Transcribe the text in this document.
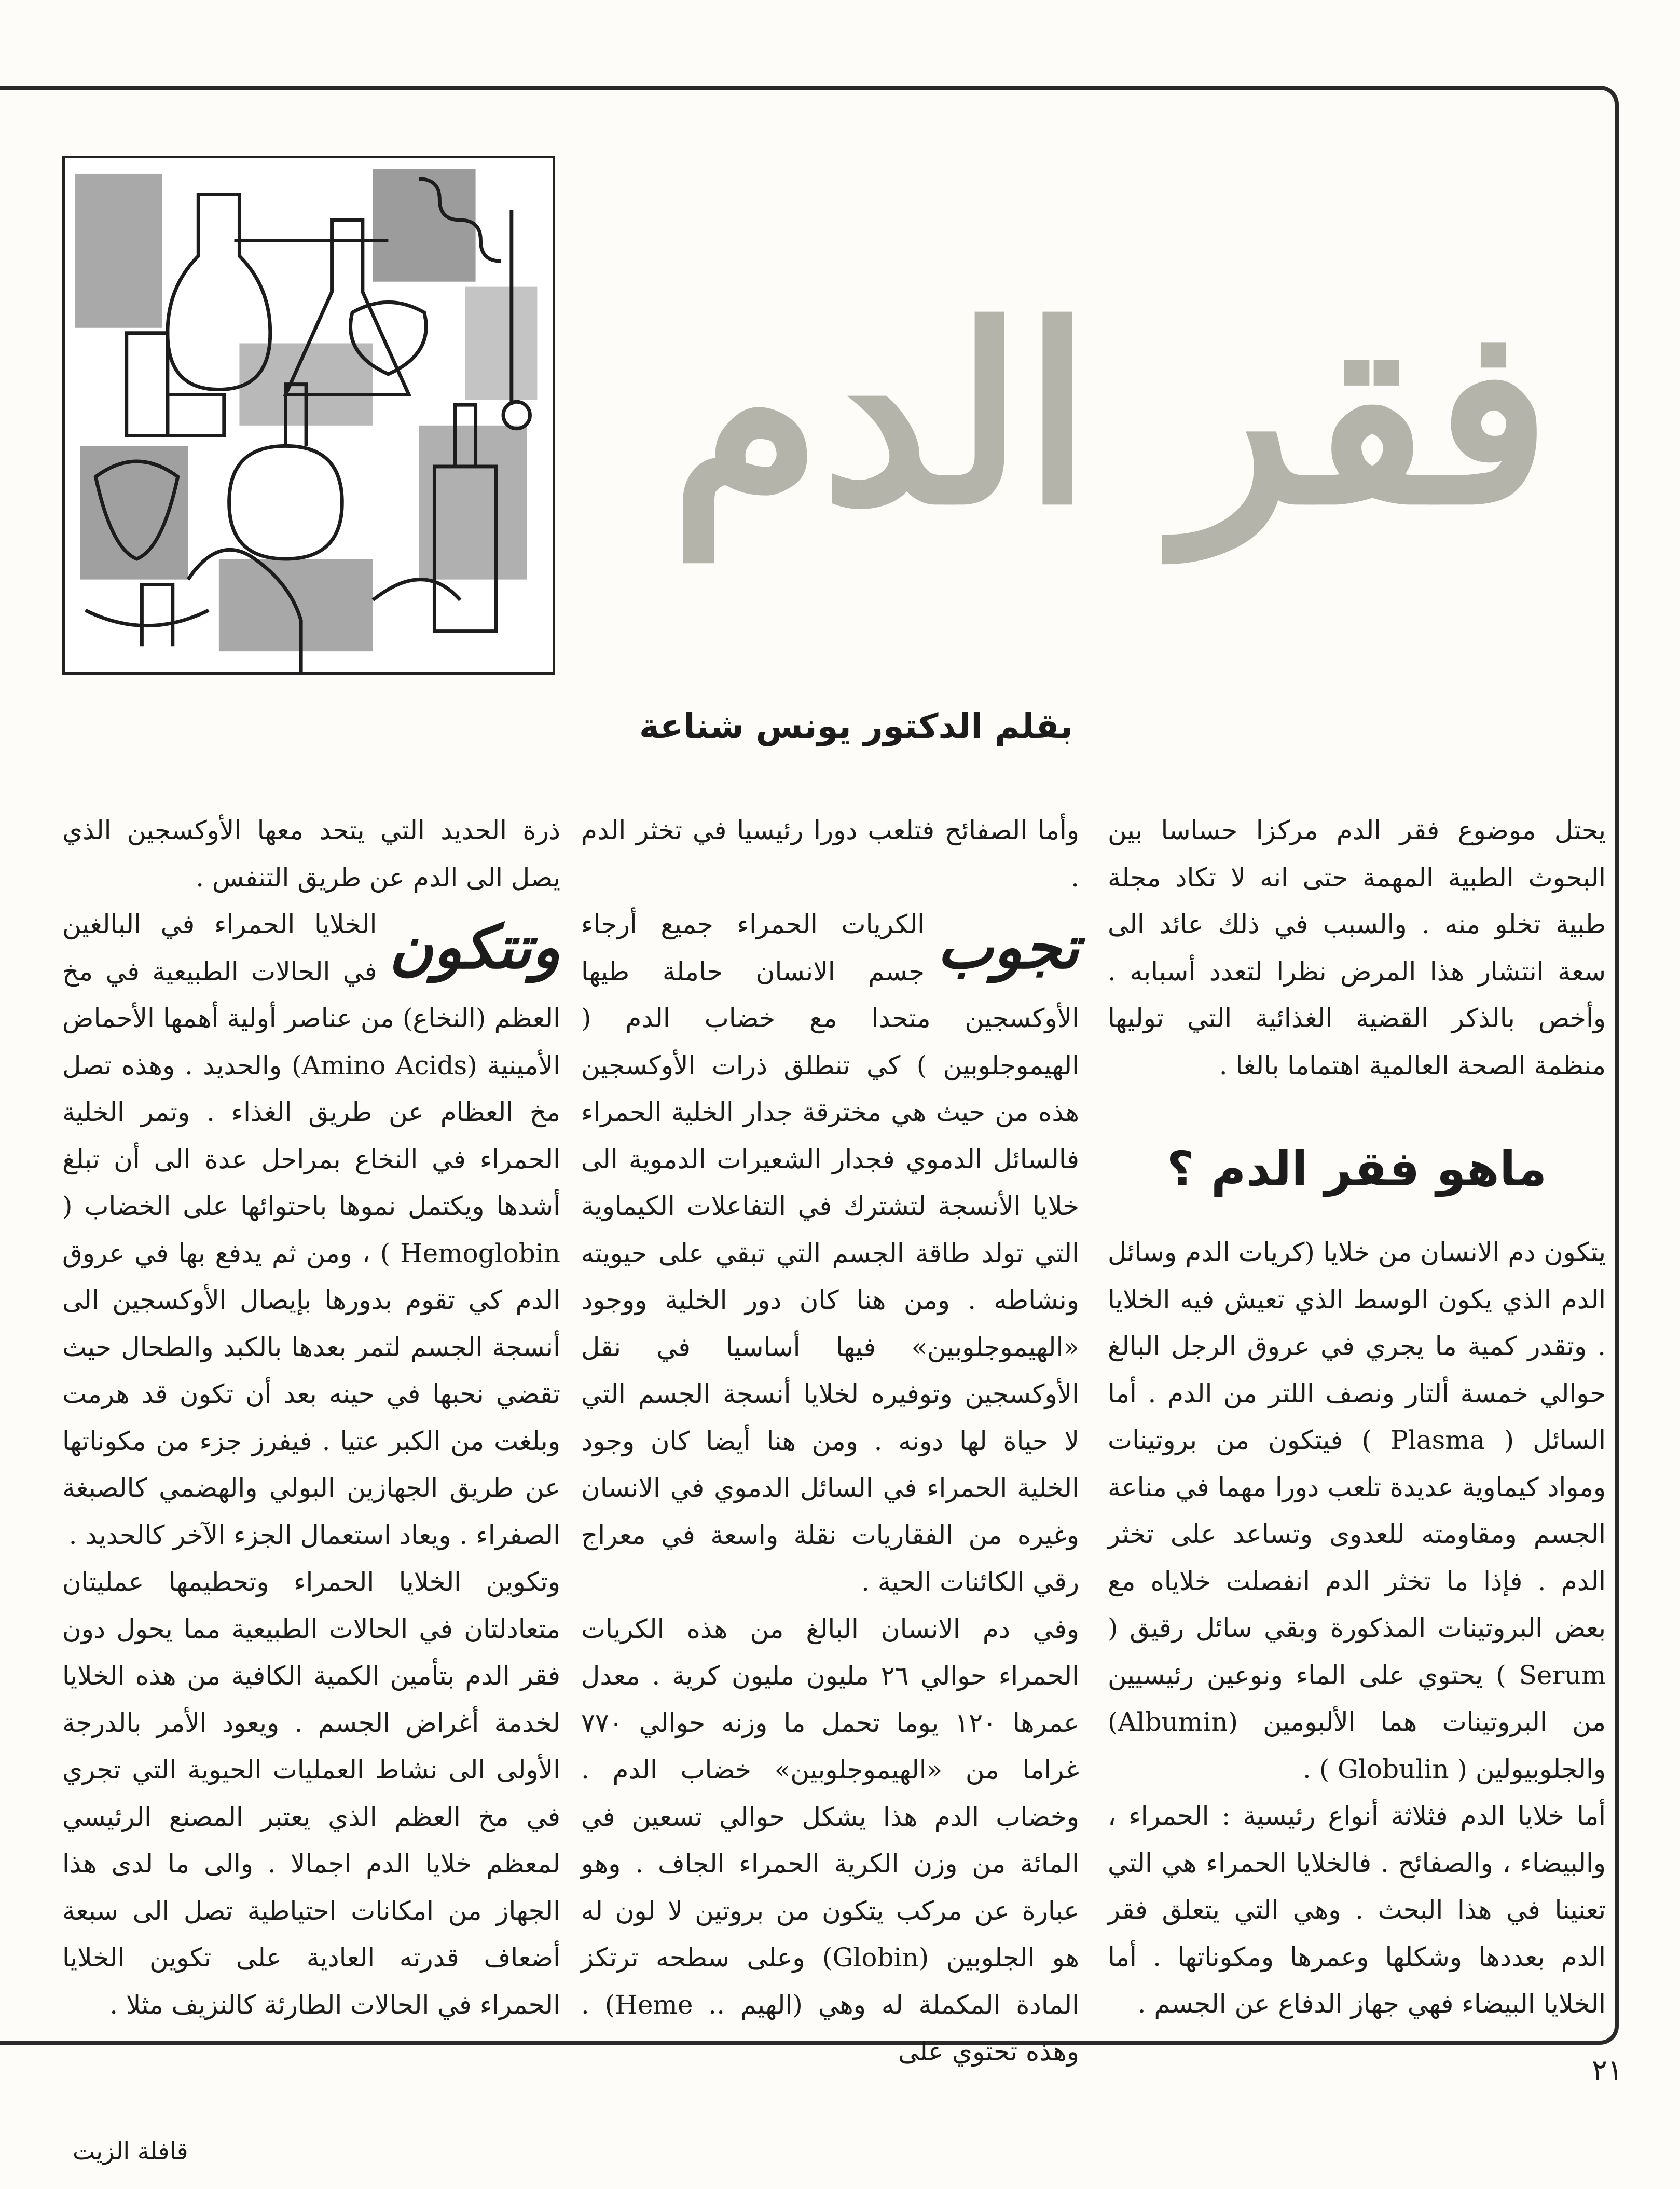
فقر الدم
بقلم الدكتور يونس شناعة

يحتل موضوع فقر الدم مركزا حساسا بين البحوث الطبية المهمة حتى انه لا تكاد مجلة طبية تخلو منه . والسبب في ذلك عائد الى سعة انتشار هذا المرض نظرا لتعدد أسبابه . وأخص بالذكر القضية الغذائية التي توليها منظمة الصحة العالمية اهتماما بالغا .

ماهو فقر الدم ؟

يتكون دم الانسان من خلايا (كريات الدم وسائل الدم الذي يكون الوسط الذي تعيش فيه الخلايا . وتقدر كمية ما يجري في عروق الرجل البالغ حوالي خمسة ألتار ونصف اللتر من الدم . أما السائل ( Plasma ) فيتكون من بروتينات ومواد كيماوية عديدة تلعب دورا مهما في مناعة الجسم ومقاومته للعدوى وتساعد على تخثر الدم . فإذا ما تخثر الدم انفصلت خلاياه مع بعض البروتينات المذكورة وبقي سائل رقيق ( Serum ) يحتوي على الماء ونوعين رئيسيين من البروتينات هما الألبومين (Albumin) والجلوبيولين ( Globulin ) .

أما خلايا الدم فثلاثة أنواع رئيسية : الحمراء ، والبيضاء ، والصفائح . فالخلايا الحمراء هي التي تعنينا في هذا البحث . وهي التي يتعلق فقر الدم بعددها وشكلها وعمرها ومكوناتها . أما الخلايا البيضاء فهي جهاز الدفاع عن الجسم .

وأما الصفائح فتلعب دورا رئيسيا في تخثر الدم .

تجوب
الكريات الحمراء جميع أرجاء جسم الانسان حاملة طيها الأوكسجين متحدا مع خضاب الدم ( الهيموجلوبين ) كي تنطلق ذرات الأوكسجين هذه من حيث هي مخترقة جدار الخلية الحمراء فالسائل الدموي فجدار الشعيرات الدموية الى خلايا الأنسجة لتشترك في التفاعلات الكيماوية التي تولد طاقة الجسم التي تبقي على حيويته ونشاطه . ومن هنا كان دور الخلية ووجود «الهيموجلوبين» فيها أساسيا في نقل الأوكسجين وتوفيره لخلايا أنسجة الجسم التي لا حياة لها دونه . ومن هنا أيضا كان وجود الخلية الحمراء في السائل الدموي في الانسان وغيره من الفقاريات نقلة واسعة في معراج رقي الكائنات الحية .

وفي دم الانسان البالغ من هذه الكريات الحمراء حوالي ٢٦ مليون مليون كرية . معدل عمرها ١٢٠ يوما تحمل ما وزنه حوالي ٧٧٠ غراما من «الهيموجلوبين» خضاب الدم . وخضاب الدم هذا يشكل حوالي تسعين في المائة من وزن الكرية الحمراء الجاف . وهو عبارة عن مركب يتكون من بروتين لا لون له هو الجلوبين (Globin) وعلى سطحه ترتكز المادة المكملة له وهي (الهيم .. Heme) . وهذه تحتوي على

ذرة الحديد التي يتحد معها الأوكسجين الذي يصل الى الدم عن طريق التنفس .

وتتكون
الخلايا الحمراء في البالغين في الحالات الطبيعية في مخ العظم (النخاع) من عناصر أولية أهمها الأحماض الأمينية (Amino Acids) والحديد . وهذه تصل مخ العظام عن طريق الغذاء . وتمر الخلية الحمراء في النخاع بمراحل عدة الى أن تبلغ أشدها ويكتمل نموها باحتوائها على الخضاب ( Hemoglobin ) ، ومن ثم يدفع بها في عروق الدم كي تقوم بدورها بإيصال الأوكسجين الى أنسجة الجسم لتمر بعدها بالكبد والطحال حيث تقضي نحبها في حينه بعد أن تكون قد هرمت وبلغت من الكبر عتيا . فيفرز جزء من مكوناتها عن طريق الجهازين البولي والهضمي كالصبغة الصفراء . ويعاد استعمال الجزء الآخر كالحديد .

وتكوين الخلايا الحمراء وتحطيمها عمليتان متعادلتان في الحالات الطبيعية مما يحول دون فقر الدم بتأمين الكمية الكافية من هذه الخلايا لخدمة أغراض الجسم . ويعود الأمر بالدرجة الأولى الى نشاط العمليات الحيوية التي تجري في مخ العظم الذي يعتبر المصنع الرئيسي لمعظم خلايا الدم اجمالا . والى ما لدى هذا الجهاز من امكانات احتياطية تصل الى سبعة أضعاف قدرته العادية على تكوين الخلايا الحمراء في الحالات الطارئة كالنزيف مثلا .

٢١
قافلة الزيت
